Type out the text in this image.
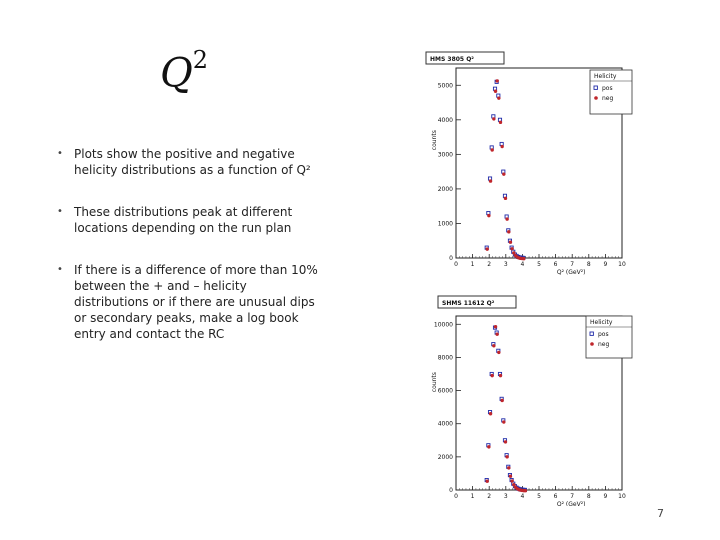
$Q^2$
• Plots show the positive and negative helicity distributions as a function of Q²
• These distributions peak at different locations depending on the run plan
• If there is a difference of more than 10% between the + and – helicity distributions or if there are unusual dips or secondary peaks, make a log book entry and contact the RC
HMS 3805 Q²
0 1 2 3 4 5 6 7 8 9 10
0
1000
2000
3000
4000
5000
Q² (GeV²)
counts
Helicity
pos
neg
SHMS 11612 Q²
0 1 2 3 4 5 6 7 8 9 10
0
2000
4000
6000
8000
10000
Q² (GeV²)
counts
Helicity
pos
neg
7
